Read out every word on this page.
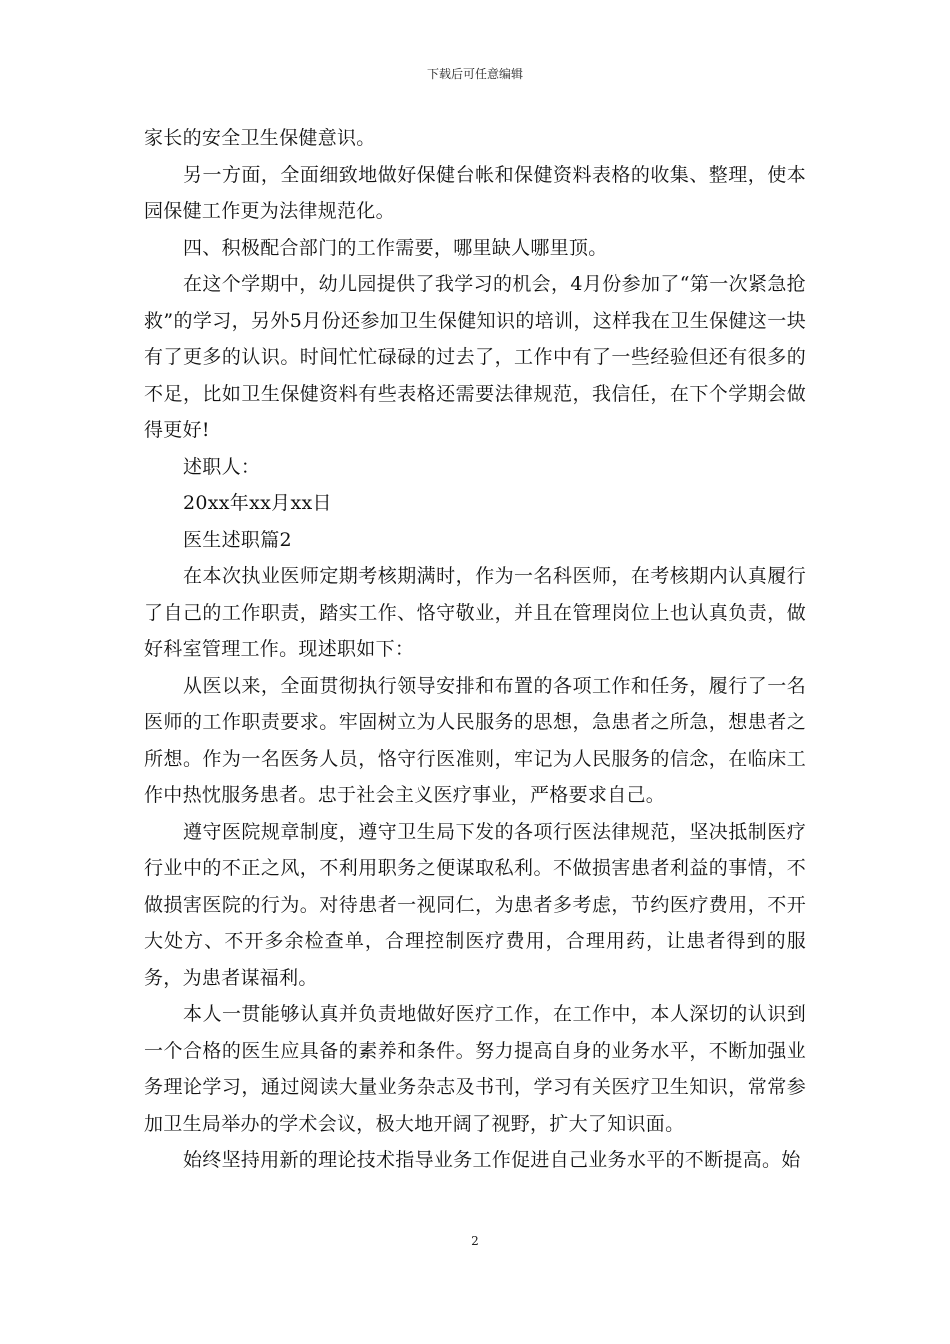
下载后可任意编辑

家长的安全卫生保健意识。

另一方面，全面细致地做好保健台帐和保健资料表格的收集、整理，使本园保健工作更为法律规范化。

四、积极配合部门的工作需要，哪里缺人哪里顶。

在这个学期中，幼儿园提供了我学习的机会，4月份参加了“第一次紧急抢救”的学习，另外5月份还参加卫生保健知识的培训，这样我在卫生保健这一块有了更多的认识。时间忙忙碌碌的过去了，工作中有了一些经验但还有很多的不足，比如卫生保健资料有些表格还需要法律规范，我信任，在下个学期会做得更好!

述职人：

20xx年xx月xx日

医生述职篇2

在本次执业医师定期考核期满时，作为一名科医师，在考核期内认真履行了自己的工作职责，踏实工作、恪守敬业，并且在管理岗位上也认真负责，做好科室管理工作。现述职如下：

从医以来，全面贯彻执行领导安排和布置的各项工作和任务，履行了一名医师的工作职责要求。牢固树立为人民服务的思想，急患者之所急，想患者之所想。作为一名医务人员，恪守行医准则，牢记为人民服务的信念，在临床工作中热忱服务患者。忠于社会主义医疗事业，严格要求自己。

遵守医院规章制度，遵守卫生局下发的各项行医法律规范，坚决抵制医疗行业中的不正之风，不利用职务之便谋取私利。不做损害患者利益的事情，不做损害医院的行为。对待患者一视同仁，为患者多考虑，节约医疗费用，不开大处方、不开多余检查单，合理控制医疗费用，合理用药，让患者得到的服务，为患者谋福利。

本人一贯能够认真并负责地做好医疗工作，在工作中，本人深切的认识到一个合格的医生应具备的素养和条件。努力提高自身的业务水平，不断加强业务理论学习，通过阅读大量业务杂志及书刊，学习有关医疗卫生知识，常常参加卫生局举办的学术会议，极大地开阔了视野，扩大了知识面。

始终坚持用新的理论技术指导业务工作促进自己业务水平的不断提高。始

2
